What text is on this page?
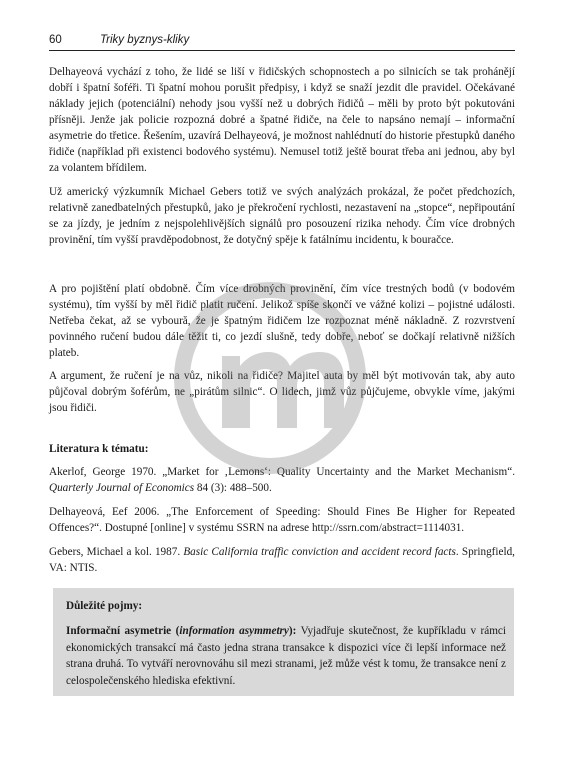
60	Triky byznys-kliky

Delhayeová vychází z toho, že lidé se liší v řidičských schopnostech a po silnicích se tak prohánějí dobří i špatní šoféři. Ti špatní mohou porušit předpisy, i když se snaží jezdit dle pravidel. Očekávané náklady jejich (potenciální) nehody jsou vyšší než u dobrých řidičů – měli by proto být pokutováni přísněji. Jenže jak policie rozpozná dobré a špatné řidiče, na čele to napsáno nemají – informační asymetrie do třetice. Řešením, uzavírá Delhayeová, je možnost nahlédnutí do historie přestupků daného řidiče (například při existenci bodového systému). Nemusel totiž ještě bourat třeba ani jednou, aby byl za volantem břídilem.

Už americký výzkumník Michael Gebers totiž ve svých analýzách prokázal, že počet předchozích, relativně zanedbatelných přestupků, jako je překročení rychlosti, nezastavení na „stopce“, nepřipoutání se za jízdy, je jedním z nejspolehlivějších signálů pro posouzení rizika nehody. Čím více drobných provinění, tím vyšší pravděpodobnost, že dotyčný spěje k fatálnímu incidentu, k bouračce.

A pro pojištění platí obdobně. Čím více drobných provinění, čím více trestných bodů (v bodovém systému), tím vyšší by měl řidič platit ručení. Jelikož spíše skončí ve vážné kolizi – pojistné události. Netřeba čekat, až se vyboură, že je špatným řidičem lze rozpoznat méně nákladně. Z rozvrstvení povinného ručení budou dále těžit ti, co jezdí slušně, tedy dobře, neboť se dočkají relativně nižších plateb.

A argument, že ručení je na vůz, nikoli na řidiče? Majitel auta by měl být motivován tak, aby auto půjčoval dobrým šoférům, ne „pirátům silnic“. O lidech, jimž vůz půjčujeme, obvykle víme, jakými jsou řidiči.

Literatura k tématu:

Akerlof, George 1970. „Market for ‚Lemons‘: Quality Uncertainty and the Market Mechanism“. Quarterly Journal of Economics 84 (3): 488–500.

Delhayeová, Eef 2006. „The Enforcement of Speeding: Should Fines Be Higher for Repeated Offences?“. Dostupné [online] v systému SSRN na adrese http://ssrn.com/abstract=1114031.

Gebers, Michael a kol. 1987. Basic California traffic conviction and accident record facts. Springfield, VA: NTIS.

Důležité pojmy:
Informační asymetrie (information asymmetry): Vyjadřuje skutečnost, že kupříkladu v rámci ekonomických transakcí má často jedna strana transakce k dispozici více či lepší informace než strana druhá. To vytváří nerovnováhu sil mezi stranami, jež může vést k tomu, že transakce není z celospolečenského hlediska efektivní.
